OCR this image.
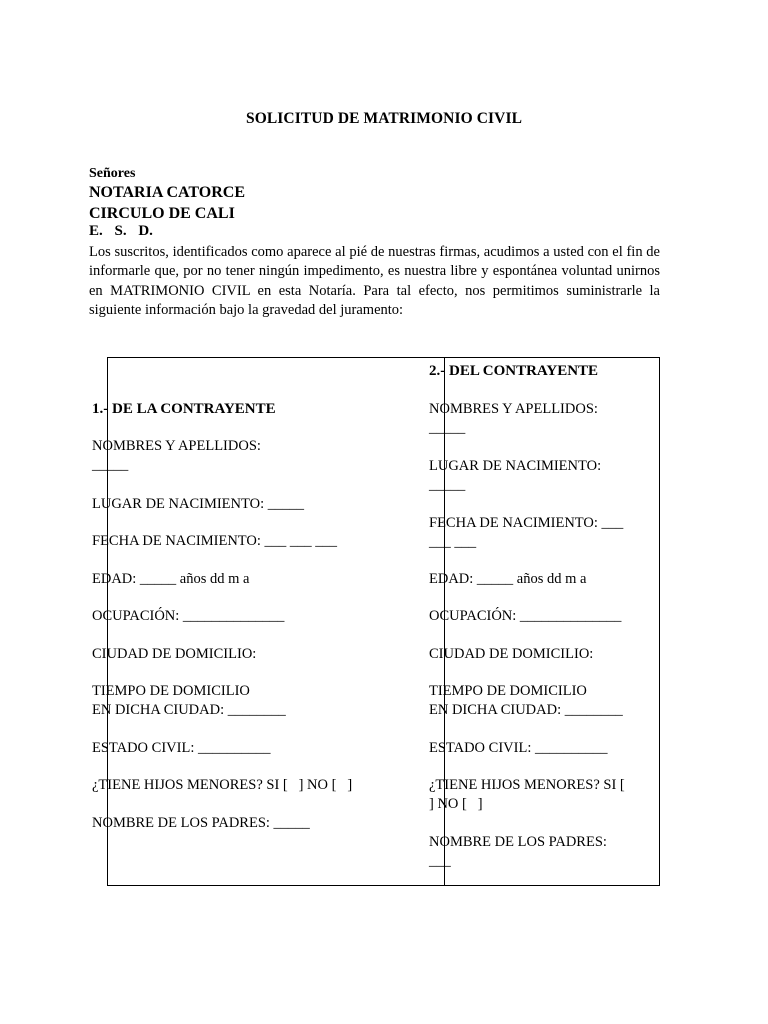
SOLICITUD DE MATRIMONIO CIVIL
Señores
NOTARIA CATORCE
CIRCULO DE CALI
E. S. D.

Los suscritos, identificados como aparece al pié de nuestras firmas, acudimos a usted con el fin de informarle que, por no tener ningún impedimento, es nuestra libre y espontánea voluntad unirnos en MATRIMONIO CIVIL en esta Notaría. Para tal efecto, nos permitimos suministrarle la siguiente información bajo la gravedad del juramento:

1.- DE LA CONTRAYENTE
NOMBRES Y APELLIDOS:
_____
LUGAR DE NACIMIENTO: _____
FECHA DE NACIMIENTO: ___ ___ ___
EDAD: _____ años dd m a
OCUPACIÓN: ______________
CIUDAD DE DOMICILIO:
TIEMPO DE DOMICILIO
EN DICHA CIUDAD: ________
ESTADO CIVIL: __________
¿TIENE HIJOS MENORES? SI [   ] NO [   ]
NOMBRE DE LOS PADRES: _____
2.- DEL CONTRAYENTE
NOMBRES Y APELLIDOS:
_____
LUGAR DE NACIMIENTO:
_____
FECHA DE NACIMIENTO: ___
___ ___
EDAD: _____ años dd m a
OCUPACIÓN: ______________
CIUDAD DE DOMICILIO:
TIEMPO DE DOMICILIO
EN DICHA CIUDAD: ________
ESTADO CIVIL: __________
¿TIENE HIJOS MENORES? SI [
] NO [   ]
NOMBRE DE LOS PADRES:
___
